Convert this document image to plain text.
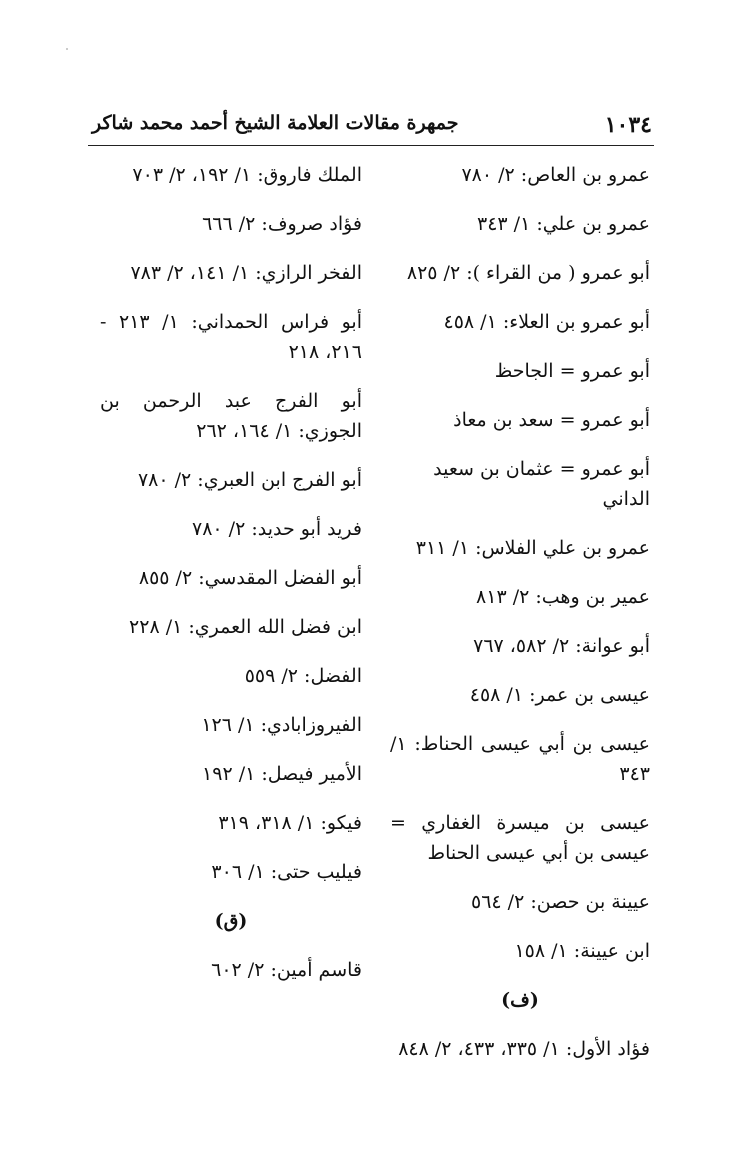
١٠٣٤
جمهرة مقالات العلامة الشيخ أحمد محمد شاكر
عمرو بن العاص: ٢/ ٧٨٠
عمرو بن علي: ١/ ٣٤٣
أبو عمرو ( من القراء ): ٢/ ٨٢٥
أبو عمرو بن العلاء: ١/ ٤٥٨
أبو عمرو = الجاحظ
أبو عمرو = سعد بن معاذ
أبو عمرو = عثمان بن سعيد الداني
عمرو بن علي الفلاس: ١/ ٣١١
عمير بن وهب: ٢/ ٨١٣
أبو عوانة: ٢/ ٥٨٢، ٧٦٧
عيسى بن عمر: ١/ ٤٥٨
عيسى بن أبي عيسى الحناط: ١/ ٣٤٣
عيسى بن ميسرة الغفاري = عيسى بن أبي عيسى الحناط
عيينة بن حصن: ٢/ ٥٦٤
ابن عيينة: ١/ ١٥٨
(ف)
فؤاد الأول: ١/ ٣٣٥، ٤٣٣، ٢/ ٨٤٨
الملك فاروق: ١/ ١٩٢، ٢/ ٧٠٣
فؤاد صروف: ٢/ ٦٦٦
الفخر الرازي: ١/ ١٤١، ٢/ ٧٨٣
أبو فراس الحمداني: ١/ ٢١٣ - ٢١٦، ٢١٨
أبو الفرج عبد الرحمن بن الجوزي: ١/ ١٦٤، ٢٦٢
أبو الفرج ابن العبري: ٢/ ٧٨٠
فريد أبو حديد: ٢/ ٧٨٠
أبو الفضل المقدسي: ٢/ ٨٥٥
ابن فضل الله العمري: ١/ ٢٢٨
الفضل: ٢/ ٥٥٩
الفيروزابادي: ١/ ١٢٦
الأمير فيصل: ١/ ١٩٢
فيكو: ١/ ٣١٨، ٣١٩
فيليب حتى: ١/ ٣٠٦
(ق)
قاسم أمين: ٢/ ٦٠٢
